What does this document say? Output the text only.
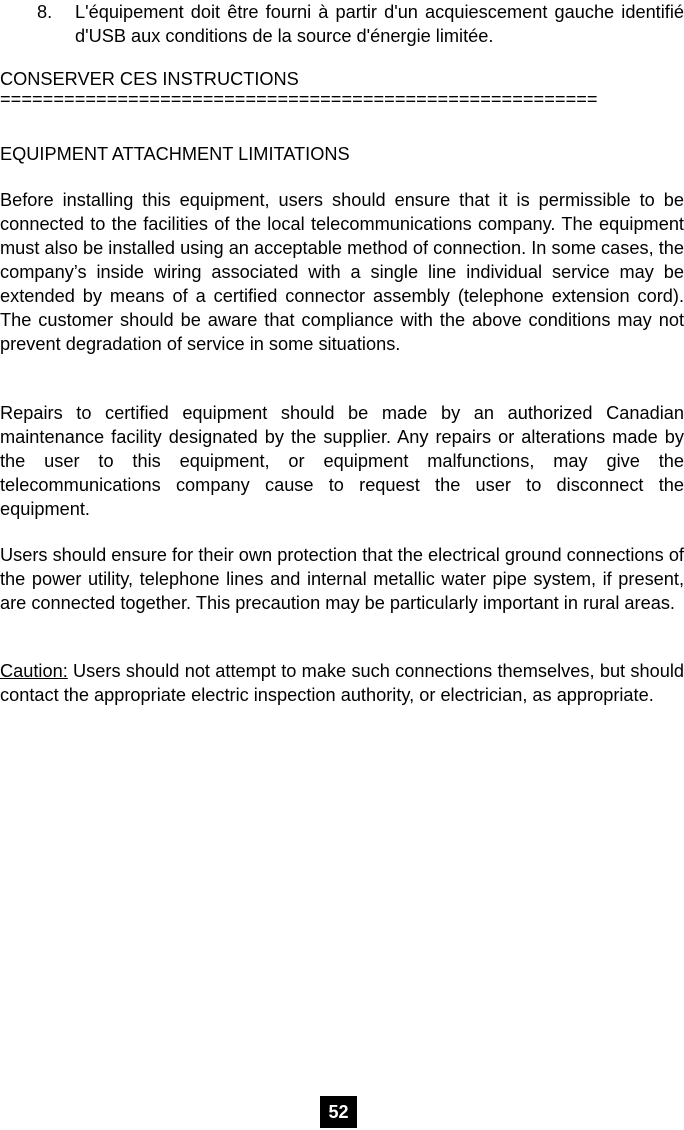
8. L'équipement doit être fourni à partir d'un acquiescement gauche identifié d'USB aux conditions de la source d'énergie limitée.
CONSERVER CES INSTRUCTIONS
========================================================
EQUIPMENT ATTACHMENT LIMITATIONS
Before installing this equipment, users should ensure that it is permissible to be connected to the facilities of the local telecommunications company. The equipment must also be installed using an acceptable method of connection. In some cases, the company’s inside wiring associated with a single line individual service may be extended by means of a certified connector assembly (telephone extension cord). The customer should be aware that compliance with the above conditions may not prevent degradation of service in some situations.
Repairs to certified equipment should be made by an authorized Canadian maintenance facility designated by the supplier. Any repairs or alterations made by the user to this equipment, or equipment malfunctions, may give the telecommunications company cause to request the user to disconnect the equipment.
Users should ensure for their own protection that the electrical ground connections of the power utility, telephone lines and internal metallic water pipe system, if present, are connected together. This precaution may be particularly important in rural areas.
Caution: Users should not attempt to make such connections themselves, but should contact the appropriate electric inspection authority, or electrician, as appropriate.
52
